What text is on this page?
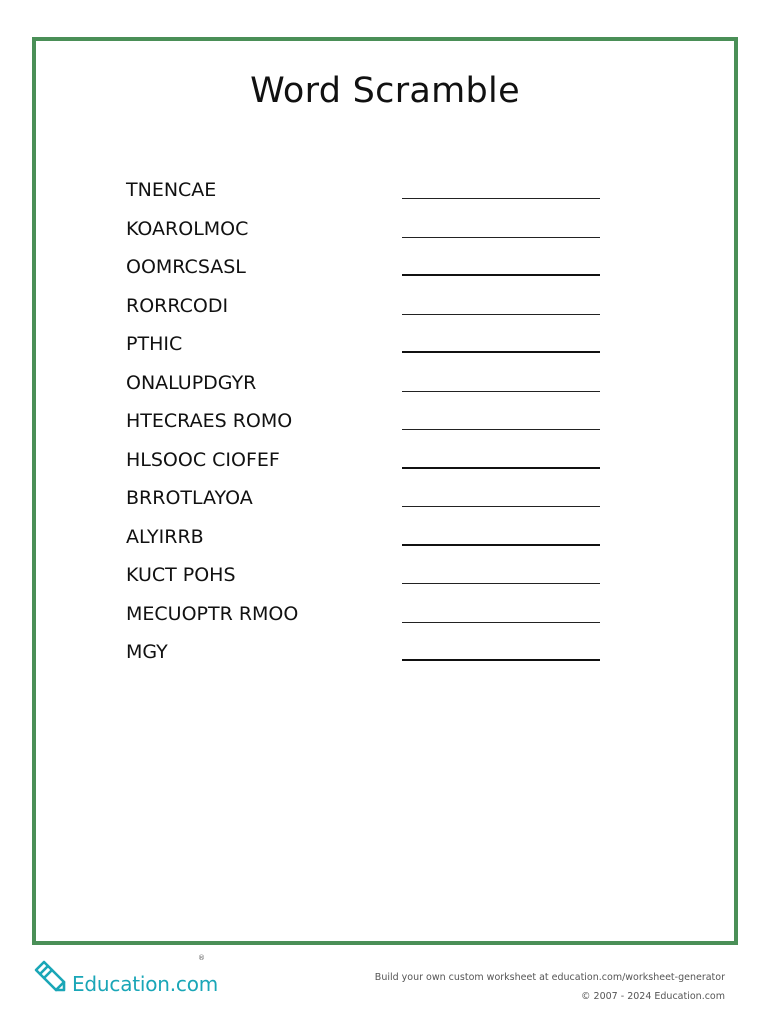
Word Scramble
TNENCAE
KOAROLMOC
OOMRCSASL
RORRCODI
PTHIC
ONALUPDGYR
HTECRAES ROMO
HLSOOC CIOFEF
BRROTLAYOA
ALYIRRB
KUCT POHS
MECUOPTR RMOO
MGY
Education.com
®
Build your own custom worksheet at education.com/worksheet-generator
© 2007 - 2024 Education.com
